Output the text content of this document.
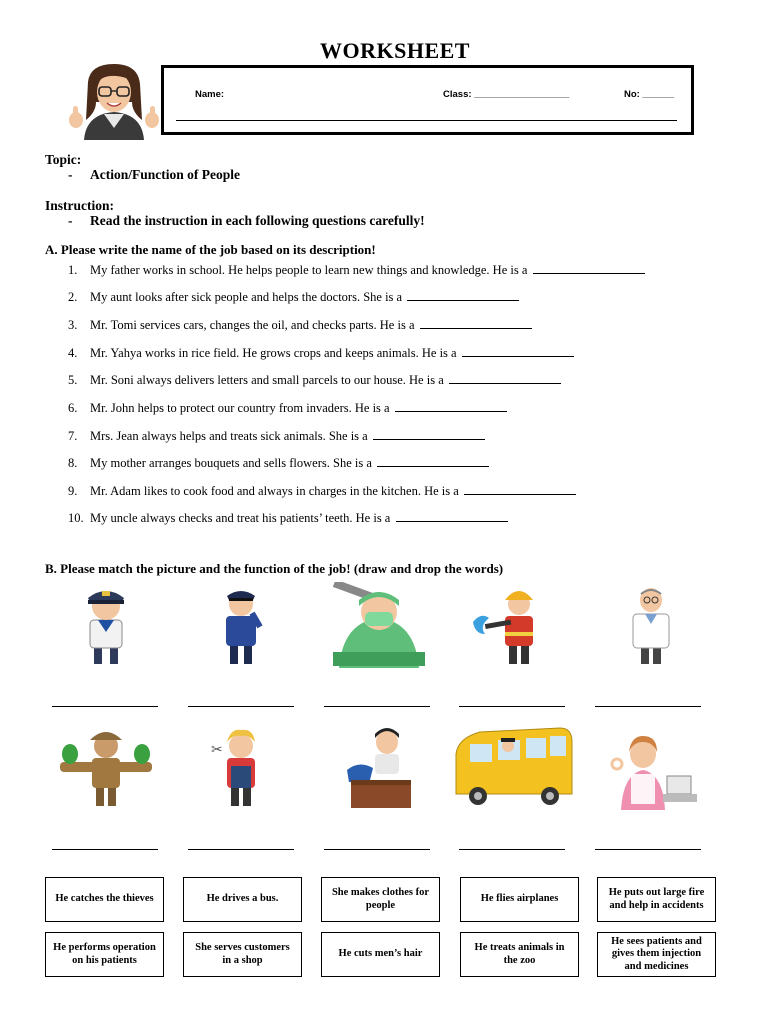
WORKSHEET
Name:	Class: __________________	No: ______
Topic:
- Action/Function of People
Instruction:
- Read the instruction in each following questions carefully!
A. Please write the name of the job based on its description!
1. My father works in school. He helps people to learn new things and knowledge. He is a
2. My aunt looks after sick people and helps the doctors. She is a
3. Mr. Tomi services cars, changes the oil, and checks parts. He is a
4. Mr. Yahya works in rice field. He grows crops and keeps animals. He is a
5. Mr. Soni always delivers letters and small parcels to our house. He is a
6. Mr. John helps to protect our country from invaders. He is a
7. Mrs. Jean always helps and treats sick animals. She is a
8. My mother arranges bouquets and sells flowers. She is a
9. Mr. Adam likes to cook food and always in charges in the kitchen. He is a
10. My uncle always checks and treat his patients’ teeth. He is a
B. Please match the picture and the function of the job! (draw and drop the words)
✂
He catches the thieves	He drives a bus.
She makes clothes for people
He flies airplanes
He puts out large fire and help in accidents
He performs operation on his patients
She serves customers in a shop
He cuts men’s hair
He treats animals in the zoo
He sees patients and gives them injection and medicines
